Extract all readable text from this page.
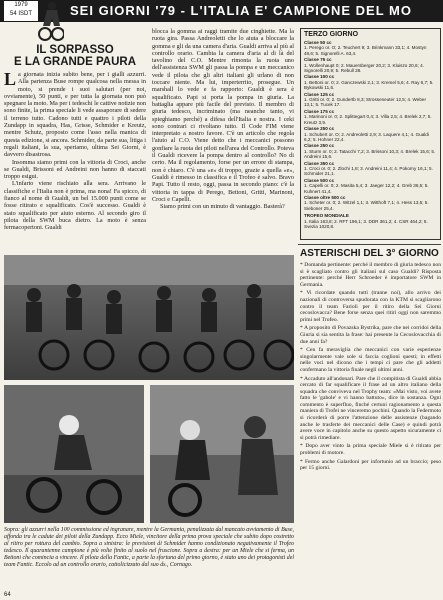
1979
54 ISDT	SEI GIORNI '79 - L'ITALIA E' CAMPIONE DEL MO
IL SORPASSO
E LA GRANDE PAURA

La giornata inizia subito bene, per i gialli azzurri. Alla partenza Buse rompe qualcosa nella messa in moto, si prende i suoi salutari (per noi, ovviamente), 50 punti, e per tutta la giornata non può spegnare la moto. Ma per i tedeschi le cattive notizie non sono finite, la prima speciale li vede assaporare di sedere il terreno tutto. Cadono tutti e quattro i piloti della Zundapp in squadra, Has, Grisse, Schmider e Kreutz, mentre Schutz, proposto come l'asso nella manica di questa edizione, si ancora. Schmider, da parte sua, litiga i regali italiani, la sua, speriamo, ultima Sei Giorni, è davvero disastrosa.

Insomma siamo primi con la vittoria di Croci, anche se Gualdi, Brissoni ed Andreini non hanno di staccati troppo esigui.

L'infarto viene rischiato alla sera. Arrivano le classifiche e l'Italia non è prima, ma nona! Fa spicco, di fianco al nome di Gualdi, un bel 15.000 punti come se fosse ritirato e squalificato. Cos'è successo. Gualdi è stato squalificato per aiuto esterno. Al secondo giro il pilota della SWM buca dietro. La moto è senza fermacopertoni. Gualdi

blocca la gomma ai raggi tramite due cinghiette. Ma la ruota gira. Passa Andreoletti che lo aiuta a bloccare la gomma e gli da una camera d'aria. Gualdi arriva al più al controllo orario. Cambia la camera d'aria al di là del tavolino del C.O. Mentre rimonta la ruota uno dell'assistenza SWM gli passa la pompa e un meccanico vede il pilota che gli altri italiani gli urlano di non toccare niente. Ma lui, imperterrito, prosegue. Un marshall lo vede e fa rapporto: Gualdi è sera è squalificato. Papi si porta la pompa in giuria. La battaglia appare più facile del previsto. Il membro di giuria tedesco, incriminato (ma neanche tanto, vi spieghiamo perché) a difesa dell'Italia e nostra. I ceki sono contrari ci rivoltano tutto. Il Code FIM viene interpretato a nostro favore. C'è un articolo che regola l'aiuto al C.O. Viene detto che i meccanici possono gonfiare la ruota dei piloti nell'area del Controllo. Poteva il Gualdi ricevere la pompa dentro al controllo? No di certo. Ma il regolamento, forse per un errore di stampa, non è chiaro. C'è una «e» di troppo, grazie a quella «e», Gualdi è rimesso in classifica e il Trofeo è salvo. Bravo Papi. Tutto il resto, oggi, passa in secondo piano: c'è la vittoria in tappa di Perego, Bettoni, Gritti, Marinoni, Croci e Capelli.

Siamo primi con un minuto di vantaggio. Basterà?

TERZO GIORNO
Classe 50 cc
1. Perego or. O; 2. Teuchert 9; 3. Brinkmann 33,1; 4. Mostyn 48,6; 5. Signorelli A. 63,4.
Classe 75 cc
1. Wollenhaupt 0; 2. Mauersberger 20,2; 3. Kluiszo 20,6; 4. Signorelli 20,9; 5. Rebull 28.
Classe 100 cc
1. Bettoni or. 0; 2. Ganczewski 2,1; 3. Kremel 5,6; 4. Ray 6,7; 5. Bykowski 11,6.
Classe 125 cc
1. Gritti or. 0; 2. Gundertb 8,3; Strosseneuter 12,5; 4. Weber 13,1; 5. Tucek 17.
Classe 175 cc
1. Marinoni or. 0; 2. Splittegart 0,4; 3. Villa 2,5; 4. Brelek 2,7; 5. Kreutz 3,9.
Classe 250 cc
1. Schubert or. O; 2. Andreoletti 2,9; 3. Laquere 4,1; 4. Gualdi 6,2; 5. Hohner 22,4.
Classe 250 cc
1. Sturm or. 0; 2. Tatacchi 7,2; 3. Brissoni 10,3; 4. Brelek 15,6; 5. Andreini 15,6.
Classe 350 cc
1. Croci or. 0; 2. Zlochi 1,8; 3. Andreini 11,4; 4. Pokorny 16,1; 5. Schmider 21,1.
Classe 500 cc
1. Capelli or. 0; 2. Masita 5,4; 3. Jaeger 12,2; 4. Greb 36,5; 5. Kuhnert 41,4.
Classe oltre 500 cc
1. Scheter or. 0; 2. Witzel 1,1; 3. Witthoft 7,1; 4. Hess 13,5; 5. Sieboner 25,4.
TROFEO MONDIALE
1. Italia 163,8; 2. RFT 196,1; 3. DDR 361,2; 4. CSR 464,2; 5. Svezia 1020,8.
ASTERISCHI DEL 3° GIORNO

* Domanda pertinente: perché il membro di giuria tedesco non si è scagliato contro gli italiani sul caso Gualdi? Risposta pertinente: perché Herr Schroeder è importatore SWM in Germania.

* Vi ricordate quando tutti (tranne noi), allo arrivo dei nazionali di controversa spudorata con la KTM si scagliarono contro il team Farioli per il ritiro della Sei Giorni cecoslovacca? Bene forse senza quei ritiri oggi non saremmo primi nel Trofeo.

* A proposito di Povazska Bystrika, pare che nei corridoi della Giuria si sia sentita la frase: hai presente la Cecoslovacchia di due anni fa?

* Cen fa meraviglia che meccanici con varie esperienze singolarmente vale sole si faccia coglioni questi; in effetti nelle voci nel dicono che i tempi ci pare che gli addetti confermano la vittoria finale negli ultimi anni.

* Accaduto all'andonari. Pare che il compitista di Gualdi abbia cercato di far squalificare il frase ad un altro italiano della squadra che conviveva nel Trophy team: «Mai visto, voi avete fatto le 'gabole' e vi hanno battuto», dice in sostanza. Ogni commento è superfluo, finché certuni ragionamento a questa maniera di Trofei ne vinceremo pochini. Quando la Federmoto si ricorderà di porre l'attenzione delle assistenze (bagando anche le trasferte dei meccanici delle Case) e quindi potrà avere voce in capitolo anche su questo aspetto sicuramente ci si potrà rimediare.

* Dopo aver vinto la prima speciale Miele si è ritirato per problemi di motore.

* Fermo anche Galardoni per infortunio ad un braccio; peso per 15 giorni.

Sopra: gli azzurri nella 100 commissione ed ingranare, mentre la Germania, penalizzata dal mancato avviamento di Buse, affonda tra le cadute dei piloti della Zundapp. Ecco Miele, vincitore della prima prova speciale che subito dopo costretto al ritiro per rottura del cambio. Sopra a sinistra: le previsioni di Schmider hanno condizionato negativamente il Trofeo tedesco. Il quarantenne campione è più volte finito al suolo nel fruscione. Sopra a destra: per un Miele che si ferma, un Bettoni che comincia a vincere. Il pilota della Fantic, a parte la sfortuna del primo giorno, è stato uno dei protagonisti del team Fantic. Eccolo ad un controllo orario, cattolicizzato dal suo ds., Cornago.
64
